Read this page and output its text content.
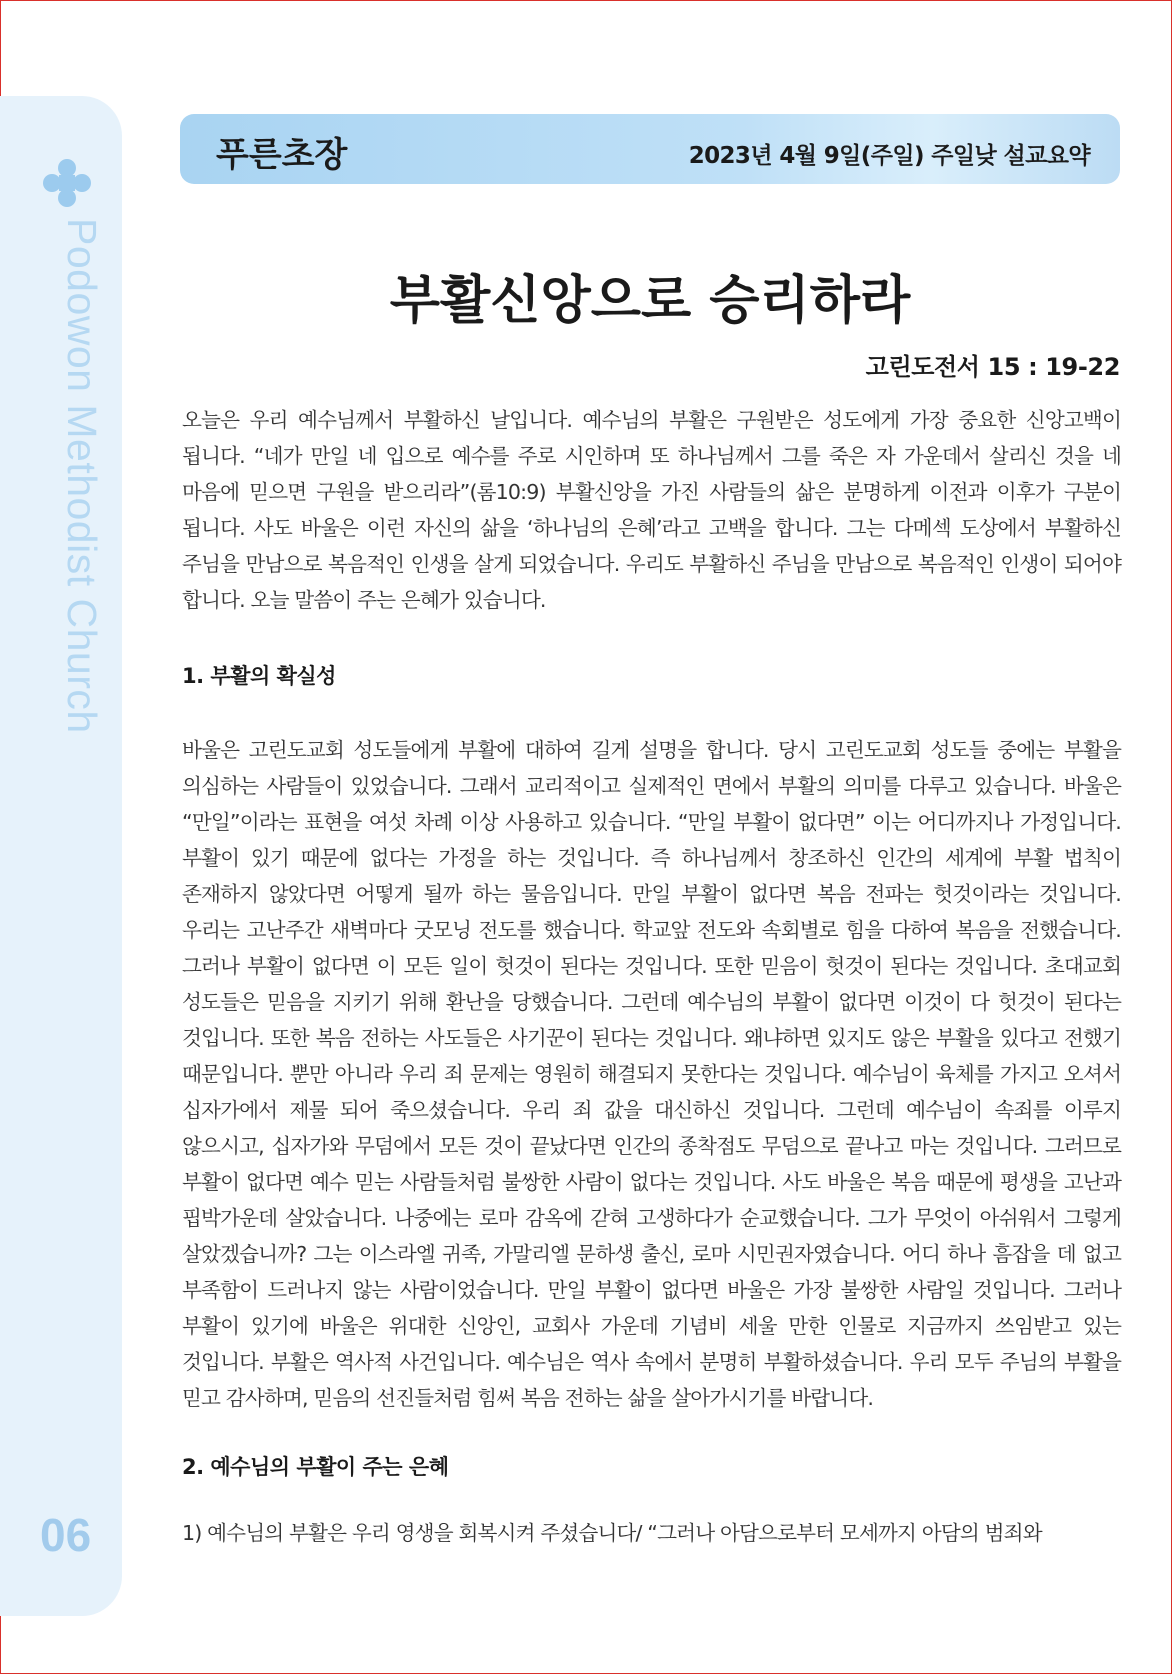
Podowon Methodist Church
06
푸른초장	2023년 4월 9일(주일) 주일낮 설교요약
부활신앙으로 승리하라
고린도전서 15 : 19-22

오늘은 우리 예수님께서 부활하신 날입니다. 예수님의 부활은 구원받은 성도에게 가장 중요한 신앙고백이 됩니다. “네가 만일 네 입으로 예수를 주로 시인하며 또 하나님께서 그를 죽은 자 가운데서 살리신 것을 네 마음에 믿으면 구원을 받으리라”(롬10:9) 부활신앙을 가진 사람들의 삶은 분명하게 이전과 이후가 구분이 됩니다. 사도 바울은 이런 자신의 삶을 ‘하나님의 은혜’라고 고백을 합니다. 그는 다메섹 도상에서 부활하신 주님을 만남으로 복음적인 인생을 살게 되었습니다. 우리도 부활하신 주님을 만남으로 복음적인 인생이 되어야 합니다. 오늘 말씀이 주는 은혜가 있습니다.

1. 부활의 확실성

바울은 고린도교회 성도들에게 부활에 대하여 길게 설명을 합니다. 당시 고린도교회 성도들 중에는 부활을 의심하는 사람들이 있었습니다. 그래서 교리적이고 실제적인 면에서 부활의 의미를 다루고 있습니다. 바울은 “만일”이라는 표현을 여섯 차례 이상 사용하고 있습니다. “만일 부활이 없다면” 이는 어디까지나 가정입니다. 부활이 있기 때문에 없다는 가정을 하는 것입니다. 즉 하나님께서 창조하신 인간의 세계에 부활 법칙이 존재하지 않았다면 어떻게 될까 하는 물음입니다. 만일 부활이 없다면 복음 전파는 헛것이라는 것입니다. 우리는 고난주간 새벽마다 굿모닝 전도를 했습니다. 학교앞 전도와 속회별로 힘을 다하여 복음을 전했습니다. 그러나 부활이 없다면 이 모든 일이 헛것이 된다는 것입니다. 또한 믿음이 헛것이 된다는 것입니다. 초대교회 성도들은 믿음을 지키기 위해 환난을 당했습니다. 그런데 예수님의 부활이 없다면 이것이 다 헛것이 된다는 것입니다. 또한 복음 전하는 사도들은 사기꾼이 된다는 것입니다. 왜냐하면 있지도 않은 부활을 있다고 전했기 때문입니다. 뿐만 아니라 우리 죄 문제는 영원히 해결되지 못한다는 것입니다. 예수님이 육체를 가지고 오셔서 십자가에서 제물 되어 죽으셨습니다. 우리 죄 값을 대신하신 것입니다. 그런데 예수님이 속죄를 이루지 않으시고, 십자가와 무덤에서 모든 것이 끝났다면 인간의 종착점도 무덤으로 끝나고 마는 것입니다. 그러므로 부활이 없다면 예수 믿는 사람들처럼 불쌍한 사람이 없다는 것입니다. 사도 바울은 복음 때문에 평생을 고난과 핍박가운데 살았습니다. 나중에는 로마 감옥에 갇혀 고생하다가 순교했습니다. 그가 무엇이 아쉬워서 그렇게 살았겠습니까? 그는 이스라엘 귀족, 가말리엘 문하생 출신, 로마 시민권자였습니다. 어디 하나 흠잡을 데 없고 부족함이 드러나지 않는 사람이었습니다. 만일 부활이 없다면 바울은 가장 불쌍한 사람일 것입니다. 그러나 부활이 있기에 바울은 위대한 신앙인, 교회사 가운데 기념비 세울 만한 인물로 지금까지 쓰임받고 있는 것입니다. 부활은 역사적 사건입니다. 예수님은 역사 속에서 분명히 부활하셨습니다. 우리 모두 주님의 부활을 믿고 감사하며, 믿음의 선진들처럼 힘써 복음 전하는 삶을 살아가시기를 바랍니다.

2. 예수님의 부활이 주는 은혜

1) 예수님의 부활은 우리 영생을 회복시켜 주셨습니다/ “그러나 아담으로부터 모세까지 아담의 범죄와
